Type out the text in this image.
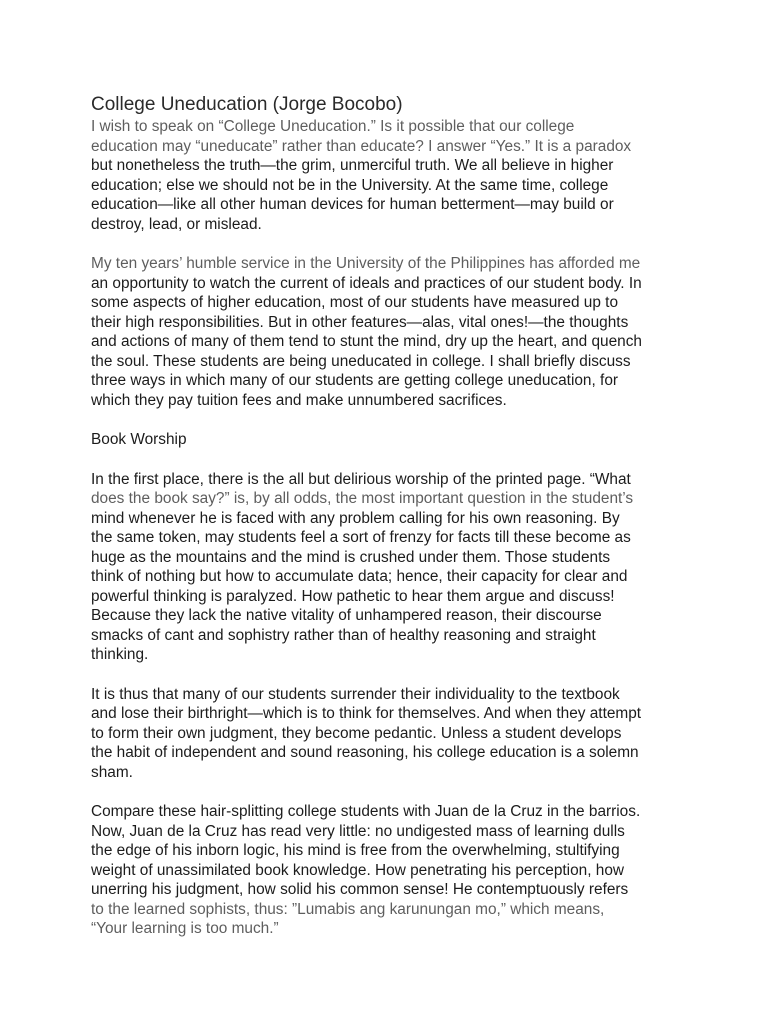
College Uneducation (Jorge Bocobo)

I wish to speak on “College Uneducation.” Is it possible that our college
education may “uneducate” rather than educate? I answer “Yes.” It is a paradox
but nonetheless the truth—the grim, unmerciful truth. We all believe in higher
education; else we should not be in the University. At the same time, college
education—like all other human devices for human betterment—may build or
destroy, lead, or mislead.

My ten years’ humble service in the University of the Philippines has afforded me
an opportunity to watch the current of ideals and practices of our student body. In
some aspects of higher education, most of our students have measured up to
their high responsibilities. But in other features—alas, vital ones!—the thoughts
and actions of many of them tend to stunt the mind, dry up the heart, and quench
the soul. These students are being uneducated in college. I shall briefly discuss
three ways in which many of our students are getting college uneducation, for
which they pay tuition fees and make unnumbered sacrifices.

Book Worship

In the first place, there is the all but delirious worship of the printed page. “What
does the book say?” is, by all odds, the most important question in the student’s
mind whenever he is faced with any problem calling for his own reasoning. By
the same token, may students feel a sort of frenzy for facts till these become as
huge as the mountains and the mind is crushed under them. Those students
think of nothing but how to accumulate data; hence, their capacity for clear and
powerful thinking is paralyzed. How pathetic to hear them argue and discuss!
Because they lack the native vitality of unhampered reason, their discourse
smacks of cant and sophistry rather than of healthy reasoning and straight
thinking.

It is thus that many of our students surrender their individuality to the textbook
and lose their birthright—which is to think for themselves. And when they attempt
to form their own judgment, they become pedantic. Unless a student develops
the habit of independent and sound reasoning, his college education is a solemn
sham.

Compare these hair-splitting college students with Juan de la Cruz in the barrios.
Now, Juan de la Cruz has read very little: no undigested mass of learning dulls
the edge of his inborn logic, his mind is free from the overwhelming, stultifying
weight of unassimilated book knowledge. How penetrating his perception, how
unerring his judgment, how solid his common sense! He contemptuously refers
to the learned sophists, thus: ”Lumabis ang karunungan mo,” which means,
“Your learning is too much.”
